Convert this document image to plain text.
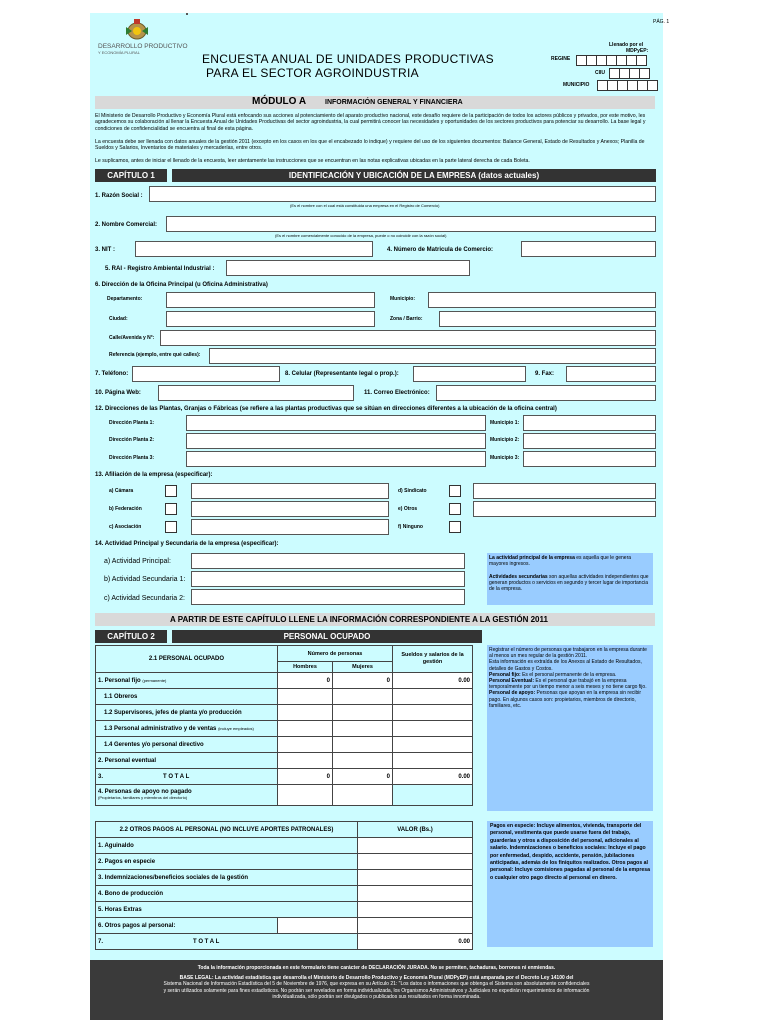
PÁG. 1
DESARROLLO PRODUCTIVO
Y ECONOMÍA PLURAL	ENCUESTA ANUAL DE UNIDADES PRODUCTIVAS
PARA EL SECTOR AGROINDUSTRIA
Llenado por el
MDPyEP:
REGINE
CIIU
MUNICIPIO
MÓDULO A	INFORMACIÓN GENERAL Y FINANCIERA
El Ministerio de Desarrollo Productivo y Economía Plural está enfocando sus acciones al potenciamiento del aparato productivo nacional, este desafío requiere de la participación de todos los actores públicos y privados, por este motivo, les agradecemos su colaboración al llenar la Encuesta Anual de Unidades Productivas del sector agroindustria, la cual permitirá conocer las necesidades y oportunidades de los sectores productivos para potenciar su desarrollo. La base legal y condiciones de confidencialidad se encuentra al final de esta página.
La encuesta debe ser llenada con datos anuales de la gestión 2011 (excepto en los casos en los que el encabezado lo indique) y requiere del uso de los siguientes documentos: Balance General, Estado de Resultados y Anexos; Planilla de Sueldos y Salarios, Inventarios de materiales y mercaderías, entre otros.
Le suplicamos, antes de iniciar el llenado de la encuesta, leer atentamente las instrucciones que se encuentran en las notas explicativas ubicadas en la parte lateral derecha de cada Boleta.
CAPÍTULO 1	IDENTIFICACIÓN Y UBICACIÓN DE LA EMPRESA (datos actuales)
1. Razón Social :
(Es el nombre con el cual está constituida una empresa en el Registro de Comercio)
2. Nombre Comercial:
(Es el nombre comercialmente conocido de la empresa, puede o no coincidir con la razón social)
3. NIT :	4. Número de Matricula de Comercio:
5. RAI - Registro Ambiental Industrial :
6. Dirección de la Oficina Principal (u Oficina Administrativa)
Departamento:	Municipio:
Ciudad:	Zona / Barrio:
Calle/Avenida y N°:
Referencia (ejemplo, entre qué calles):
7. Teléfono:	8. Celular (Representante legal o prop.):	9. Fax:
10. Página Web:	11. Correo Electrónico:
12. Direcciones de las Plantas, Granjas o Fábricas (se refiere a las plantas productivas que se sitúan en direcciones diferentes a la ubicación de la oficina central)
Dirección Planta 1:	Municipio 1:
Dirección Planta 2:	Municipio 2:
Dirección Planta 3:	Municipio 3:
13. Afiliación de la empresa (especificar):
a) Cámara	d) Sindicato
b) Federación	e) Otros
c) Asociación	f) Ninguno
14. Actividad Principal y Secundaria de la empresa (especificar):
a) Actividad Principal:
b) Actividad Secundaria 1:
c) Actividad Secundaria 2:
La actividad principal de la empresa es aquella que le genera mayores ingresos.

Actividades secundarias son aquellas actividades independientes que generan productos o servicios en segundo y tercer lugar de importancia de la empresa.
A PARTIR DE ESTE CAPÍTULO LLENE LA INFORMACIÓN CORRESPONDIENTE A LA GESTIÓN 2011
CAPÍTULO 2	PERSONAL OCUPADO
2.1 PERSONAL OCUPADO	Número de personas		Sueldos y salarios de la gestión
	Hombres	Mujeres	
1. Personal fijo (permanente)	0	0	0.00
1.1 Obreros			
1.2 Supervisores, jefes de planta y/o producción			
1.3 Personal administrativo y de ventas (incluye empleados)			
1.4 Gerentes y/o personal directivo			
2. Personal eventual			
3. T O T A L	0	0	0.00
4. Personas de apoyo no pagado
(Propietarios, familiares y miembros del directorio)			
Registrar el número de personas que trabajaron en la empresa durante al menos un mes regular de la gestión 2011.
Esta información es extraída de los Anexos al Estado de Resultados, detalles de Gastos y Costos.
Personal fijo: Es el personal permanente de la empresa.
Personal Eventual: Es el personal que trabajó en la empresa temporalmente por un tiempo menor a seis meses y no tiene cargo fijo.
Personal de apoyo: Personas que apoyan en la empresa sin recibir pago. En algunos casos son: propietarios, miembros de directorio, familiares, etc.
2.2 OTROS PAGOS AL PERSONAL (NO INCLUYE APORTES PATRONALES)		VALOR (Bs.)
1. Aguinaldo		
2. Pagos en especie		
3. Indemnizaciones/beneficios sociales de la gestión		
4. Bono de producción		
5. Horas Extras		
6. Otros pagos al personal:		
7. T O T A L		0.00
Pagos en especie: Incluye alimentos, vivienda, transporte del personal, vestimenta que puede usarse fuera del trabajo, guarderías y otros a disposición del personal, adicionales al salario. Indemnizaciones o beneficios sociales: Incluye el pago por enfermedad, despido, accidente, pensión, jubilaciones anticipadas, además de los finiquitos realizados. Otros pagos al personal: Incluye comisiones pagadas al personal de la empresa o cualquier otro pago directo al personal en dinero.
Toda la información proporcionada en este formulario tiene carácter de DECLARACIÓN JURADA. No se permiten, tachaduras, borrones ni enmiendas.
BASE LEGAL: La actividad estadística que desarrolla el Ministerio de Desarrollo Productivo y Economía Plural (MDPyEP) está amparada por el Decreto Ley 14100 del
Sistema Nacional de Información Estadística del 5 de Noviembre de 1976, que expresa en su Artículo 21: "Los datos o informaciones que obtenga el Sistema son absolutamente confidenciales
y serán utilizados solamente para fines estadísticos. No podrán ser revelados en forma individualizada, los Organismos Administrativos y Judiciales no expedirán requerimientos de información
individualizada, sólo podrán ser divulgados o publicados sus resultados en forma innominada.
